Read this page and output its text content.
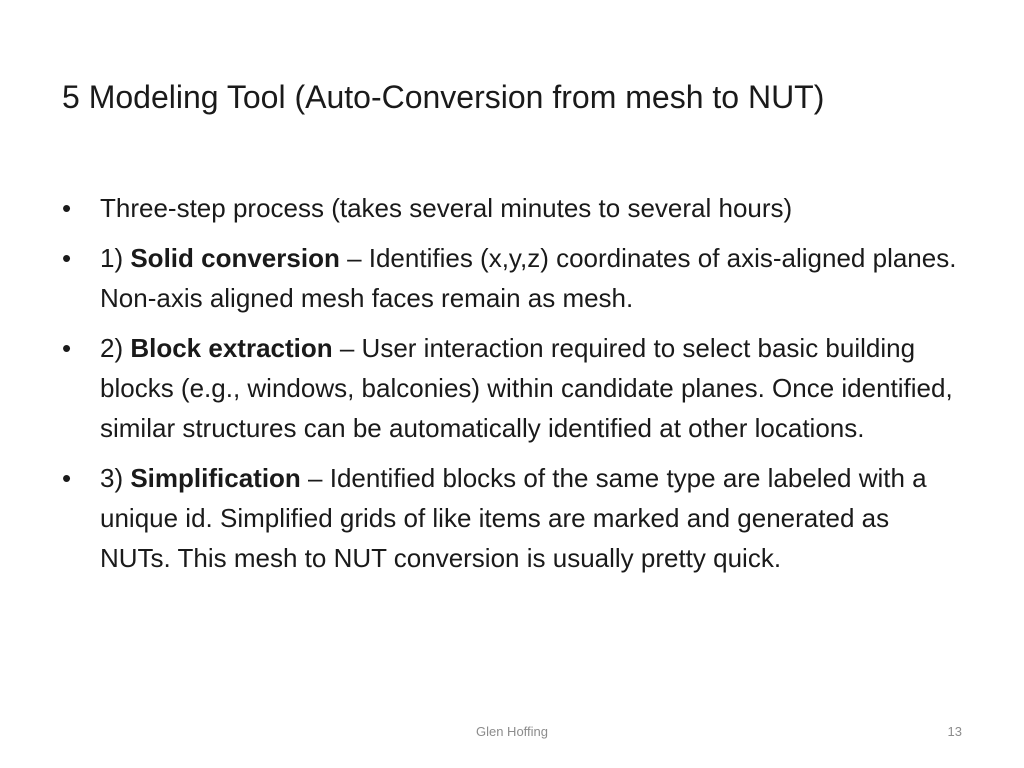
5 Modeling Tool (Auto-Conversion from mesh to NUT)
•	Three-step process (takes several minutes to several hours)
•	1) Solid conversion – Identifies (x,y,z) coordinates of axis-aligned planes. Non-axis aligned mesh faces remain as mesh.
•	2) Block extraction – User interaction required to select basic building blocks (e.g., windows, balconies) within candidate planes. Once identified, similar structures can be automatically identified at other locations.
•	3) Simplification – Identified blocks of the same type are labeled with a unique id. Simplified grids of like items are marked and generated as NUTs. This mesh to NUT conversion is usually pretty quick.
Glen Hoffing	13
